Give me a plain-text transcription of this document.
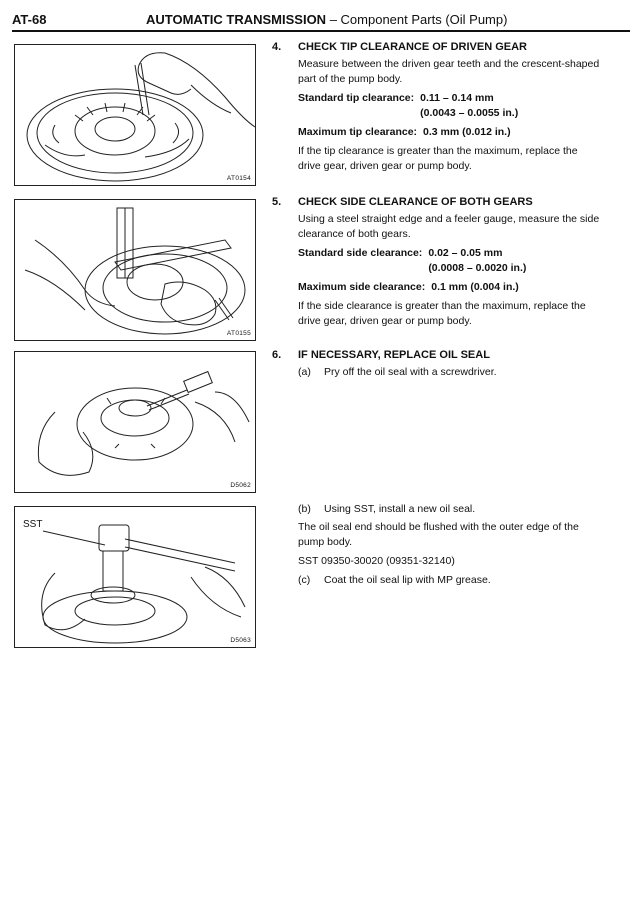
AT-68	AUTOMATIC TRANSMISSION – Component Parts (Oil Pump)
AT0154
AT0155
D5062
SST
D5063
4. CHECK TIP CLEARANCE OF DRIVEN GEAR

Measure between the driven gear teeth and the crescent-shaped part of the pump body.

Standard tip clearance: 0.11 – 0.14 mm
(0.0043 – 0.0055 in.)
Maximum tip clearance: 0.3 mm (0.012 in.)

If the tip clearance is greater than the maximum, replace the drive gear, driven gear or pump body.

5. CHECK SIDE CLEARANCE OF BOTH GEARS

Using a steel straight edge and a feeler gauge, measure the side clearance of both gears.

Standard side clearance: 0.02 – 0.05 mm
(0.0008 – 0.0020 in.)
Maximum side clearance: 0.1 mm (0.004 in.)

If the side clearance is greater than the maximum, replace the drive gear, driven gear or pump body.

6. IF NECESSARY, REPLACE OIL SEAL
(a)	Pry off the oil seal with a screwdriver.
(b)	Using SST, install a new oil seal.

The oil seal end should be flushed with the outer edge of the pump body.

SST 09350-30020 (09351-32140)

(c)	Coat the oil seal lip with MP grease.
